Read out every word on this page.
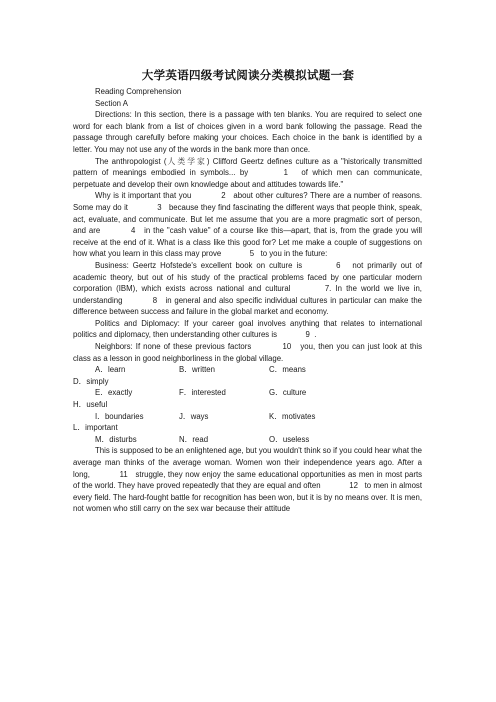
大学英语四级考试阅读分类模拟试题一套

Reading Comprehension

Section A

Directions: In this section, there is a passage with ten blanks. You are required to select one word for each blank from a list of choices given in a word bank following the passage. Read the passage through carefully before making your choices. Each choice in the bank is identified by a letter. You may not use any of the words in the bank more than once.

The anthropologist (人类学家) Clifford Geertz defines culture as a "historically transmitted pattern of meanings embodied in symbols... by	1 of which men can communicate, perpetuate and develop their own knowledge about and attitudes towards life."

Why is it important that you	2 about other cultures? There are a number of reasons. Some may do it	3 because they find fascinating the different ways that people think, speak, act, evaluate, and communicate. But let me assume that you are a more pragmatic sort of person, and are	4 in the "cash value" of a course like this—apart, that is, from the grade you will receive at the end of it. What is a class like this good for? Let me make a couple of suggestions on how what you learn in this class may prove	5 to you in the future:

Business: Geertz Hofstede's excellent book on culture is	6 not primarily out of academic theory, but out of his study of the practical problems faced by one particular modern corporation (IBM), which exists across national and cultural	7. In the world we live in, understanding	8 in general and also specific individual cultures in particular can make the difference between success and failure in the global market and economy.

Politics and Diplomacy: If your career goal involves anything that relates to international politics and diplomacy, then understanding other cultures is	9 .

Neighbors: If none of these previous factors	10 you, then you can just look at this class as a lesson in good neighborliness in the global village.

A．learn	B．written	C．means	
D．simply			
E．exactly	F．interested	G．culture	
H．useful			
I．boundaries	J．ways	K．motivates	
L．important			
M．disturbs	N．read	O．useless	

This is supposed to be an enlightened age, but you wouldn't think so if you could hear what the average man thinks of the average woman. Women won their independence years ago. After a long,	11 struggle, they now enjoy the same educational opportunities as men in most parts of the world. They have proved repeatedly that they are equal and often	12 to men in almost every field. The hard-fought battle for recognition has been won, but it is by no means over. It is men, not women who still carry on the sex war because their attitude
